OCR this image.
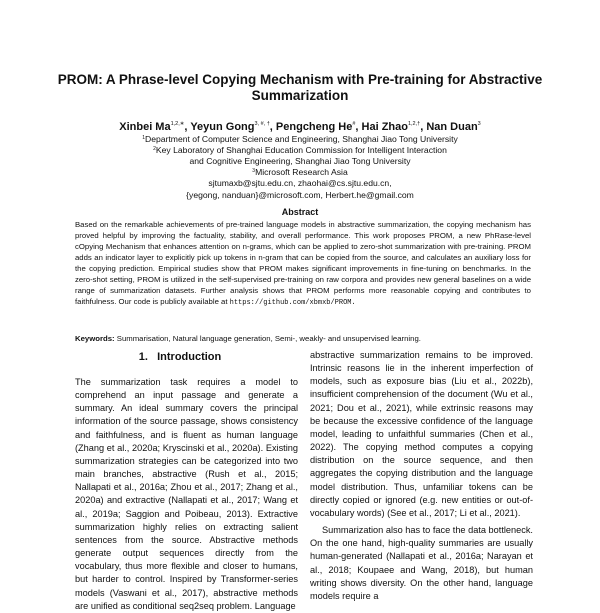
PROM: A Phrase-level Copying Mechanism with Pre-training for Abstractive Summarization
Xinbei $Ma^{1,2,∗}$, Yeyun Gong$^{3, \#, \dagger}$, Pengcheng He#, Hai Zhao$^{1,2,\dagger}$, Nan Duan$^3$
$^1$Department of Computer Science and Engineering, Shanghai Jiao Tong University
$^2$Key Laboratory of Shanghai Education Commission for Intelligent Interaction
and Cognitive Engineering, Shanghai Jiao Tong University
$^3$Microsoft Research Asia
sjtumaxb@sjtu.edu.cn, zhaohai@cs.sjtu.edu.cn,
{yegong, nanduan}@microsoft.com, Herbert.he@gmail.com
Abstract
Based on the remarkable achievements of pre-trained language models in abstractive summarization, the copying mechanism has proved helpful by improving the factuality, stability, and overall performance. This work proposes PROM, a new PhRase-level cOpying Mechanism that enhances attention on n-grams, which can be applied to zero-shot summarization with pre-training. PROM adds an indicator layer to explicitly pick up tokens in n-gram that can be copied from the source, and calculates an auxiliary loss for the copying prediction. Empirical studies show that PROM makes significant improvements in fine-tuning on benchmarks. In the zero-shot setting, PROM is utilized in the self-supervised pre-training on raw corpora and provides new general baselines on a wide range of summarization datasets. Further analysis shows that PROM performs more reasonable copying and contributes to faithfulness. Our code is publicly available at https://github.com/xbmxb/PROM.
Keywords: Summarisation, Natural language generation, Semi-, weakly- and unsupervised learning.
1. Introduction

The summarization task requires a model to comprehend an input passage and generate a summary. An ideal summary covers the principal information of the source passage, shows consistency and faithfulness, and is fluent as human language (Zhang et al., 2020a; Kryscinski et al., 2020a). Existing summarization strategies can be categorized into two main branches, abstractive (Rush et al., 2015; Nallapati et al., 2016a; Zhou et al., 2017; Zhang et al., 2020a) and extractive (Nallapati et al., 2017; Wang et al., 2019a; Saggion and Poibeau, 2013). Extractive summarization highly relies on extracting salient sentences from the source. Abstractive methods generate output sequences directly from the vocabulary, thus more flexible and closer to humans, but harder to control. Inspired by Transformer-series models (Vaswani et al., 2017), abstractive methods are unified as conditional seq2seq problem. Language

abstractive summarization remains to be improved. Intrinsic reasons lie in the inherent imperfection of models, such as exposure bias (Liu et al., 2022b), insufficient comprehension of the document (Wu et al., 2021; Dou et al., 2021), while extrinsic reasons may be because the excessive confidence of the language model, leading to unfaithful summaries (Chen et al., 2022). The copying method computes a copying distribution on the source sequence, and then aggregates the copying distribution and the language model distribution. Thus, unfamiliar tokens can be directly copied or ignored (e.g. new entities or out-of-vocabulary words) (See et al., 2017; Li et al., 2021).

Summarization also has to face the data bottleneck. On the one hand, high-quality summaries are usually human-generated (Nallapati et al., 2016a; Narayan et al., 2018; Koupaee and Wang, 2018), but human writing shows diversity. On the other hand, language models require a
